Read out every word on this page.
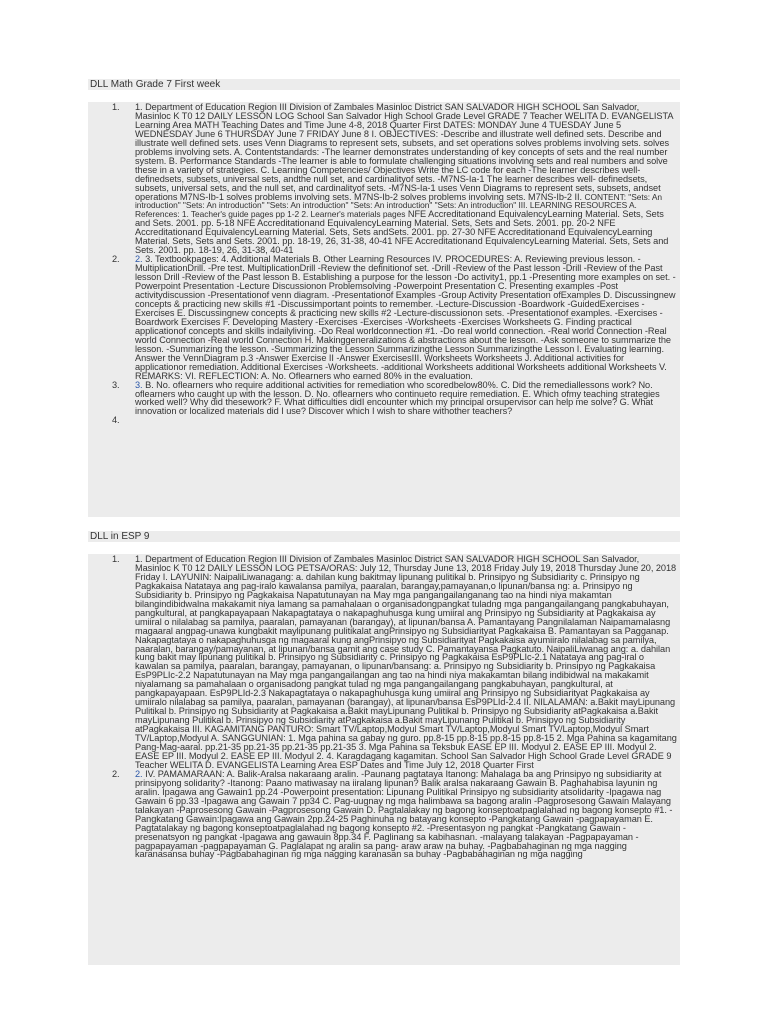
DLL Math Grade 7 First week
1. 1. Department of Education Region III Division of Zambales Masinloc District SAN SALVADOR HIGH SCHOOL San Salvador, Masinloc K T0 12 DAILY LESSON LOG School San Salvador High School Grade Level GRADE 7 Teacher WELITA D. EVANGELISTA Learning Area MATH Teaching Dates and Time June 4-8, 2018 Quarter First DATES: MONDAY June 4 TUESDAY June 5 WEDNESDAY June 6 THURSDAY June 7 FRIDAY June 8 I. OBJECTIVES: -Describe and illustrate well defined sets. Describe and illustrate well defined sets. uses Venn Diagrams to represent sets, subsets, and set operations solves problems involving sets. solves problems involving sets. A. Contentstandards: -The learner demonstrates understanding of key concepts of sets and the real number system. B. Performance Standards -The learner is able to formulate challenging situations involving sets and real numbers and solve these in a variety of strategies. C. Learning Competencies/ Objectives Write the LC code for each -The learner describes well-definedsets, subsets, universal sets, andthe null set, and cardinalityof sets. -M7NS-Ia-1 The learner describes well- definedsets, subsets, universal sets, and the null set, and cardinalityof sets. -M7NS-Ia-1 uses Venn Diagrams to represent sets, subsets, andset operations M7NS-Ib-1 solves problems involving sets. M7NS-Ib-2 solves problems involving sets. M7NS-Ib-2 II. CONTENT: "Sets: An introduction" "Sets: An introduction" "Sets: An introduction" "Sets: An introduction" "Sets: An introduction" III. LEARNING RESOURCES A. References: 1. Teacher's guide pages pp 1-2 2. Learner's materials pages NFE Accreditationand EquivalencyLearning Material. Sets, Sets and Sets. 2001. pp. 5-18 NFE Accreditationand EquivalencyLearning Material. Sets, Sets and Sets. 2001. pp. 20-2 NFE Accreditationand EquivalencyLearning Material. Sets, Sets andSets. 2001. pp. 27-30 NFE Accreditationand EquivalencyLearning Material. Sets, Sets and Sets. 2001. pp. 18-19, 26, 31-38, 40-41 NFE Accreditationand EquivalencyLearning Material. Sets, Sets and Sets. 2001. pp. 18-19, 26, 31-38, 40-41
2. 2. 3. Textbookpages: 4. Additional Materials B. Other Learning Resources IV. PROCEDURES: A. Reviewing previous lesson. -MultiplicationDrill. -Pre test. MultiplicationDrill -Review the definitionof set. -Drill -Review of the Past lesson -Drill -Review of the Past lesson Drill -Review of the Past lesson B. Establishing a purpose for the lesson -Do activity1, pp.1 -Presenting more examples on set. -Powerpoint Presentation -Lecture Discussionon Problemsolving -Powerpoint Presentation C. Presenting examples -Post activitydiscussion -Presentationof venn diagram. -Presentationof Examples -Group Activity Presentation ofExamples D. Discussingnew concepts & practicing new skills #1 -Discussimportant points to remember. -Lecture-Discussion -Boardwork -GuidedExercises -Exercises E. Discussingnew concepts & practicing new skills #2 -Lecture-discussionon sets. -Presentationof examples. -Exercises -Boardwork Exercises F. Developing Mastery -Exercises -Exercises -Worksheets -Exercises Worksheets G. Finding practical applicationof concepts and skills indailyliving. -Do Real worldconnection #1. -Do real world connection. -Real world Connection -Real world Connection -Real world Connection H. Makinggeneralizations & abstractions about the lesson. -Ask someone to summarize the lesson. -Summarizing the lesson. -Summarizing the Lesson Summarizingthe Lesson Summarizingthe Lesson I. Evaluating learning. Answer the VennDiagram p.3 -Answer Exercise II -Answer ExercisesIII. Worksheets Worksheets J. Additional activities for applicationor remediation. Additional Exercises -Worksheets. -additional Worksheets additional Worksheets additional Worksheets V. REMARKS: VI. REFLECTION: A. No. Oflearners who earned 80% in the evaluation.
3. 3. B. No. oflearners who require additional activities for remediation who scoredbelow80%. C. Did the remediallessons work? No. oflearners who caught up with the lesson. D. No. oflearners who continueto require remediation. E. Which ofmy teaching strategies worked well? Why did thesework? F. What difficulties didI encounter which my principal orsupervisor can help me solve? G. What innovation or localized materials did I use? Discover which I wish to share withother teachers?
4.

DLL in ESP 9
1. 1. Department of Education Region III Division of Zambales Masinloc District SAN SALVADOR HIGH SCHOOL San Salvador, Masinloc K T0 12 DAILY LESSON LOG PETSA/ORAS: July 12, Thursday June 13, 2018 Friday July 19, 2018 Thursday June 20, 2018 Friday I. LAYUNIN: NaipaliLiwanagang: a. dahilan kung bakitmay lipunang pulitikal b. Prinsipyo ng Subsidiarity c. Prinsipyo ng Pagkakaisa Natataya ang pag-iralo kawalansa pamilya, paaralan, barangay,pamayanan,o lipunan/bansa ng: a. Prinsipyo ng Subsidiarity b. Prinsipyo ng Pagkakaisa Napatutunayan na May mga pangangailanganang tao na hindi niya makamtan bilangindibidwalna makakamit niya lamang sa pamahalaan o organisadongpangkat tuladng mga pangangailangang pangkabuhayan, pangkultural, at pangkapayapaan Nakapagtataya o nakapaghuhusga kung umiiral ang Prinsipyo ng Subsidiarity at Pagkakaisa ay umiiral o nilalabag sa pamilya, paaralan, pamayanan (barangay), at lipunan/bansa A. Pamantayang Pangnilalaman Naipamamalasng magaaral angpag-unawa kungbakit maylipunang pulitikalat angPrinsipyo ng Subsidiarityat Pagkakaisa B. Pamantayan sa Pagganap. Nakapagtataya o nakapaghuhusga ng magaaral kung angPrinsipyo ng Subsidiarityat Pagkakaisa ayumiiralo nilalabag sa pamilya, paaralan, barangay/pamayanan, at lipunan/bansa gamit ang case study C. Pamantayansa Pagkatuto. NaipaliLiwanag ang: a. dahilan kung bakit may lipunang pulitikal b. Prinsipyo ng Subsidiarity c. Prinsipyo ng Pagkakaisa EsP9PLIc-2.1 Natataya ang pag-iral o kawalan sa pamilya, paaralan, barangay, pamayanan, o lipunan/bansang: a. Prinsipyo ng Subsidiarity b. Prinsipyo ng Pagkakaisa EsP9PLIc-2.2 Napatutunayan na May mga pangangailangan ang tao na hindi niya makakamtan bilang indibidwal na makakamit niyalamang sa pamahalaan o organisadong pangkat tulad ng mga pangangailangang pangkabuhayan, pangkultural, at pangkapayapaan. EsP9PLId-2.3 Nakapagtataya o nakapaghuhusga kung umiiral ang Prinsipyo ng Subsidiarityat Pagkakaisa ay umiiralo nilalabag sa pamilya, paaralan, pamayanan (barangay), at lipunan/bansa EsP9PLId-2.4 II. NILALAMAN: a.Bakit mayLipunang Pulitikal b. Prinsipyo ng Subsidiarity at Pagkakaisa a.Bakit mayLipunang Pulitikal b. Prinsipyo ng Subsidiarity atPagkakaisa a.Bakit mayLipunang Pulitikal b. Prinsipyo ng Subsidiarity atPagkakaisa a.Bakit mayLipunang Pulitikal b. Prinsipyo ng Subsidiarity atPagkakaisa III. KAGAMITANG PANTURO: Smart TV/Laptop,Modyul Smart TV/Laptop,Modyul Smart TV/Laptop,Modyul Smart TV/Laptop,Modyul A. SANGGUNIAN: 1. Mga pahina sa gabay ng guro. pp.8-15 pp.8-15 pp.8-15 pp.8-15 2. Mga Pahina sa kagamitang Pang-Mag-aaral. pp.21-35 pp.21-35 pp.21-35 pp.21-35 3. Mga Pahina sa Teksbuk EASE EP III. Modyul 2. EASE EP III. Modyul 2. EASE EP III. Modyul 2. EASE EP III. Modyul 2. 4. Karagdagang kagamitan. School San Salvador High School Grade Level GRADE 9 Teacher WELITA D. EVANGELISTA Learning Area ESP Dates and Time July 12, 2018 Quarter First
2. 2. IV. PAMAMARAAN: A. Balik-Aralsa nakaraang aralin. -Paunang pagtataya Itanong: Mahalaga ba ang Prinsipyo ng subsidiarity at prinsipyong solidarity? -Itanong: Paano matiwasay na iiralang lipunan? Balik aralsa nakaraang Gawain B. Paghahabisa layunin ng aralin. Ipagawa ang Gawain1 pp.24 -Powerpoint presentation: Lipunang Pulitikal Prinsipyo ng subsidiarity atsolidarity -Ipagawa nag Gawain 6 pp.33 -Ipagawa ang Gawain 7 pp34 C. Pag-uugnay ng mga halimbawa sa bagong aralin -Pagprosesong Gawain Malayang talakayan -Paprosesong Gawain -Pagprosesong Gawain D. Pagtalalakay ng bagong konseptoatpaglalahad ng bagong konsepto #1. -Pangkatang Gawain:Ipagawa ang Gawain 2pp.24-25 Paghinuha ng batayang konsepto -Pangkatang Gawain -pagpapayaman E. Pagtatalakay ng bagong konseptoatpaglalahad ng bagong konsepto #2. -Presentasyon ng pangkat -Pangkatang Gawain -presenatsyon ng pangkat -Ipagawa ang gawauin 8pp.34 F. Paglinang sa kabihasnan. -malayang talakayan -Pagpapayaman -pagpapayaman -pagpapayaman G. Paglalapat ng aralin sa pang- araw araw na buhay. -Pagbabahaginan ng mga nagging karanasansa buhay -Pagbabahaginan ng mga nagging karanasan sa buhay -Pagbabahaginan ng mga nagging
